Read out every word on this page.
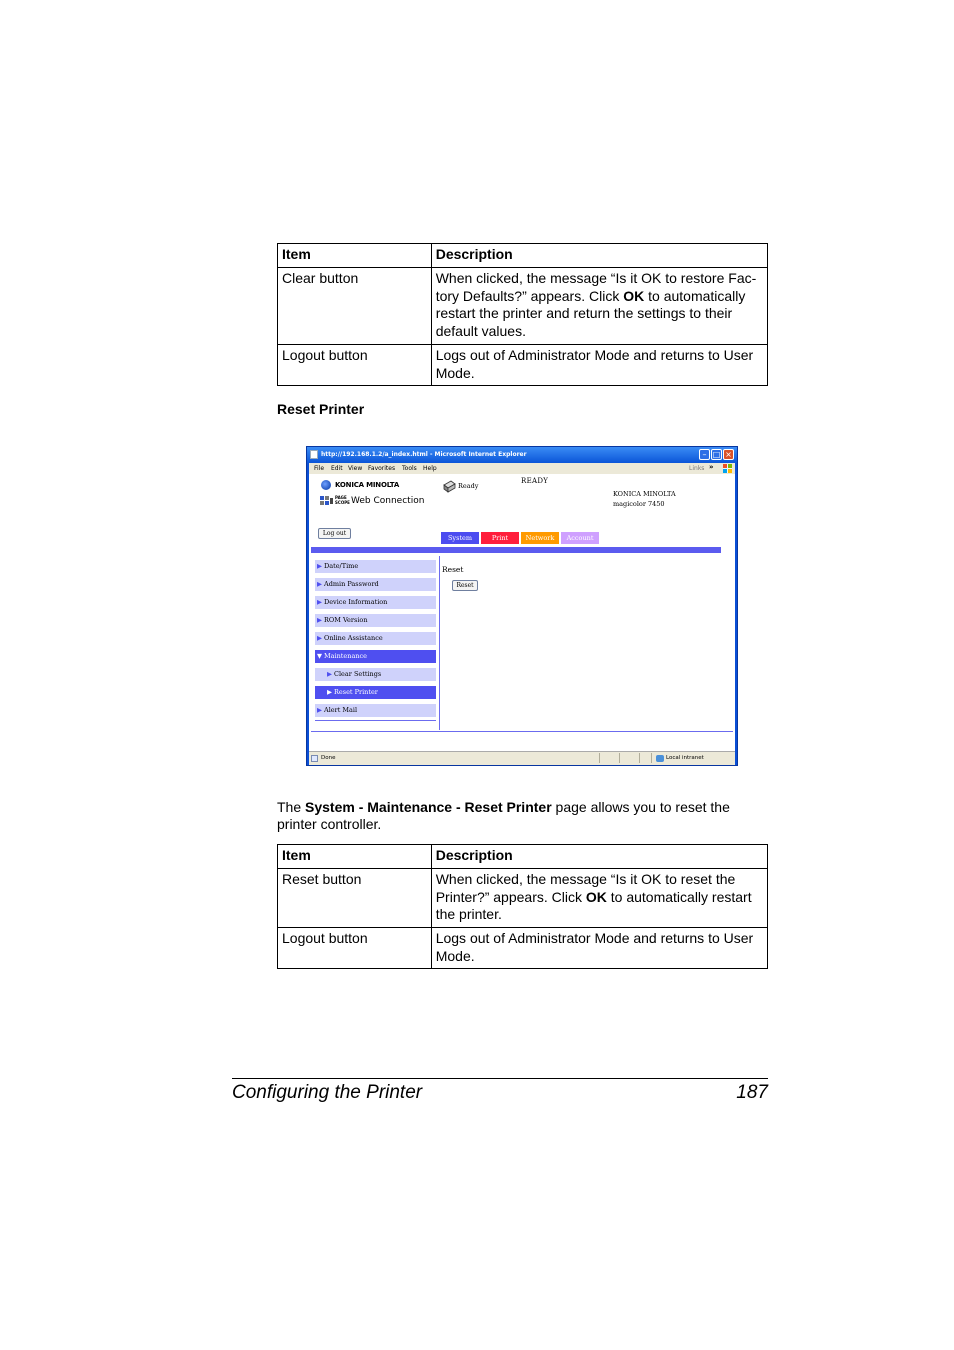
Item	Description
Clear button	When clicked, the message “Is it OK to restore Fac-tory Defaults?” appears. Click OK to automatically restart the printer and return the settings to their default values.
Logout button	Logs out of Administrator Mode and returns to User Mode.
Reset Printer
http://192.168.1.2/a_index.html - Microsoft Internet Explorer	– □ ×
File Edit View Favorites Tools Help	Links »
KONICA MINOLTA
PAGE
SCOPE Web Connection
Ready
READY
KONICA MINOLTA
magicolor 7450
Log out
System	Print	Network	Account
▶ Date/Time
▶ Admin Password
▶ Device Information
▶ ROM Version
▶ Online Assistance
▼ Maintenance
▶ Clear Settings
▶ Reset Printer
▶ Alert Mail
Reset
Reset
Done	Local intranet
The System - Maintenance - Reset Printer page allows you to reset the printer controller.
Item	Description
Reset button	When clicked, the message “Is it OK to reset the Printer?” appears. Click OK to automatically restart the printer.
Logout button	Logs out of Administrator Mode and returns to User Mode.
Configuring the Printer	187
